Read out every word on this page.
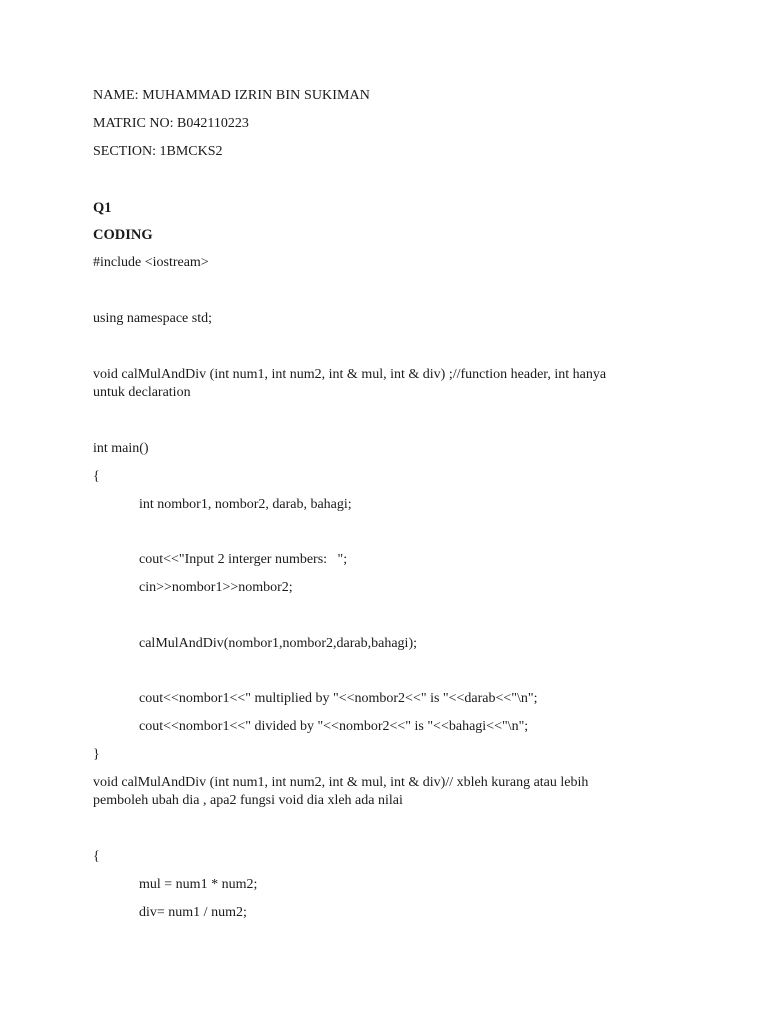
NAME: MUHAMMAD IZRIN BIN SUKIMAN
MATRIC NO: B042110223
SECTION: 1BMCKS2
Q1
CODING
#include <iostream>
using namespace std;
void calMulAndDiv (int num1, int num2, int & mul, int & div) ;//function header, int hanya
untuk declaration
int main()
{
int nombor1, nombor2, darab, bahagi;
cout<<"Input 2 interger numbers:   ";
cin>>nombor1>>nombor2;
calMulAndDiv(nombor1,nombor2,darab,bahagi);
cout<<nombor1<<" multiplied by "<<nombor2<<" is "<<darab<<"\n";
cout<<nombor1<<" divided by "<<nombor2<<" is "<<bahagi<<"\n";
}
void calMulAndDiv (int num1, int num2, int & mul, int & div)// xbleh kurang atau lebih
pemboleh ubah dia , apa2 fungsi void dia xleh ada nilai
{
mul = num1 * num2;
div= num1 / num2;
